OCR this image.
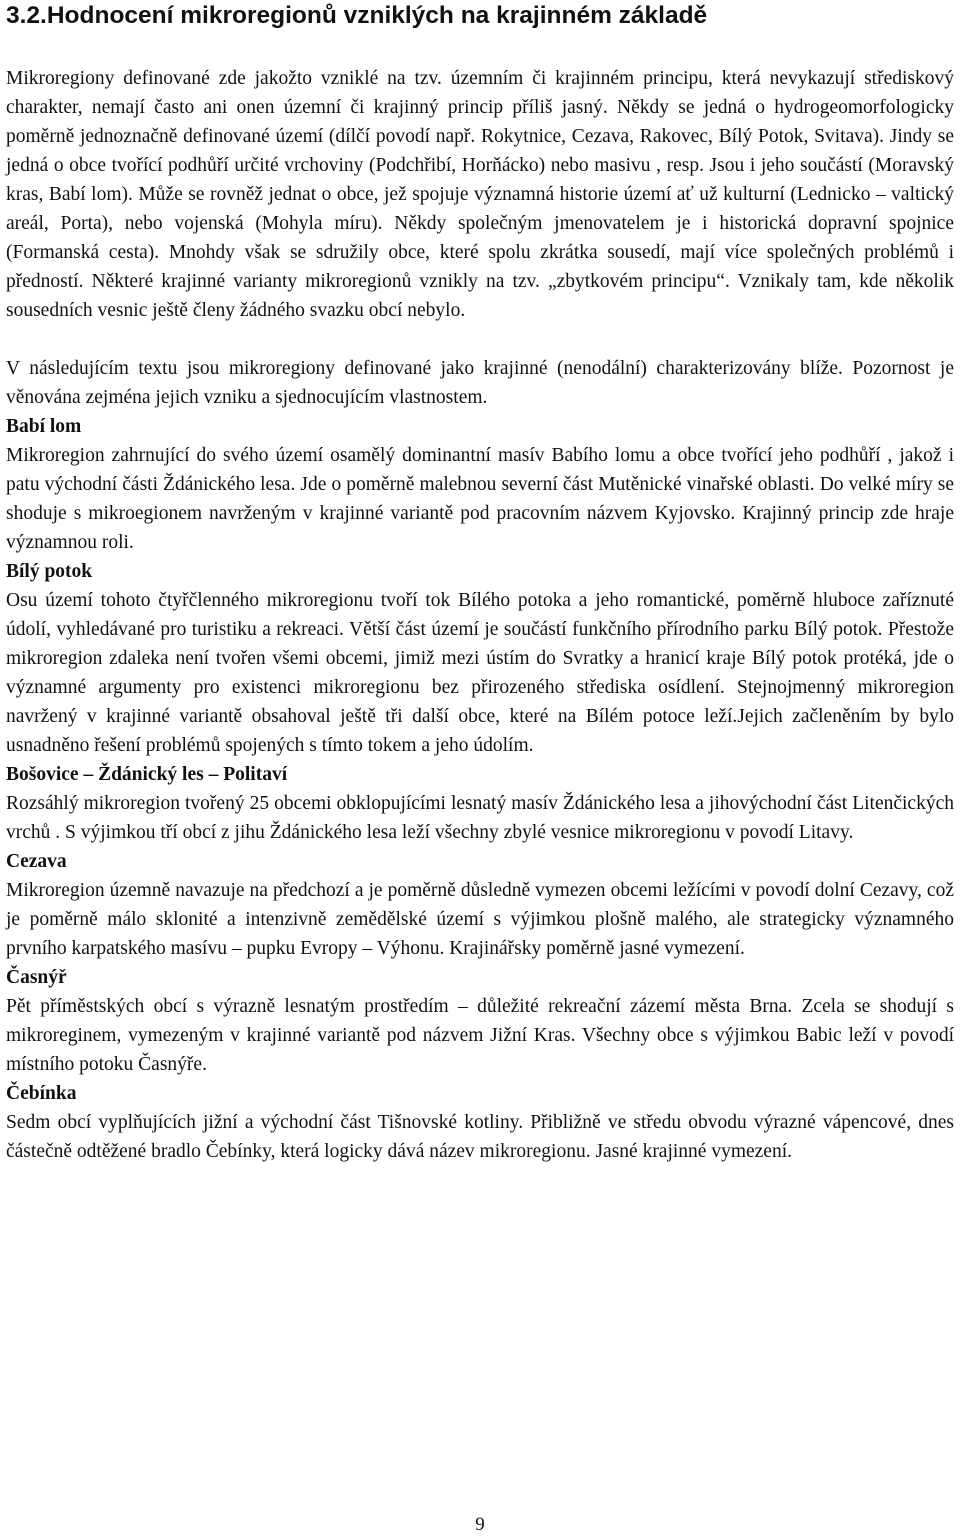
3.2.Hodnocení mikroregionů vzniklých na krajinném základě

Mikroregiony definované zde jakožto vzniklé na tzv. územním či krajinném principu, která nevykazují střediskový charakter, nemají často ani onen územní či krajinný princip příliš jasný. Někdy se jedná o hydrogeomorfologicky poměrně jednoznačně definované území (dílčí povodí např. Rokytnice, Cezava, Rakovec, Bílý Potok, Svitava). Jindy se jedná o obce tvořící podhůří určité vrchoviny (Podchřibí, Horňácko) nebo masivu , resp. Jsou i jeho součástí (Moravský kras, Babí lom). Může se rovněž jednat o obce, jež spojuje významná historie území ať už kulturní (Lednicko – valtický areál, Porta), nebo vojenská (Mohyla míru). Někdy společným jmenovatelem je i historická dopravní spojnice (Formanská cesta). Mnohdy však se sdružily obce, které spolu zkrátka sousedí, mají více společných problémů i předností. Některé krajinné varianty mikroregionů vznikly na tzv. „zbytkovém principu“. Vznikaly tam, kde několik sousedních vesnic ještě členy žádného svazku obcí nebylo.

V následujícím textu jsou mikroregiony definované jako krajinné (nenodální) charakterizovány blíže. Pozornost je věnována zejména jejich vzniku a sjednocujícím vlastnostem.

Babí lom

Mikroregion zahrnující do svého území osamělý dominantní masív Babího lomu a obce tvořící jeho podhůří , jakož i patu východní části Ždánického lesa. Jde o poměrně malebnou severní část Mutěnické vinařské oblasti. Do velké míry se shoduje s mikroegionem navrženým v krajinné variantě pod pracovním názvem Kyjovsko. Krajinný princip zde hraje významnou roli.

Bílý potok

Osu území tohoto čtyřčlenného mikroregionu tvoří tok Bílého potoka a jeho romantické, poměrně hluboce zaříznuté údolí, vyhledávané pro turistiku a rekreaci. Větší část území je součástí funkčního přírodního parku Bílý potok. Přestože mikroregion zdaleka není tvořen všemi obcemi, jimiž mezi ústím do Svratky a hranicí kraje Bílý potok protéká, jde o významné argumenty pro existenci mikroregionu bez přirozeného střediska osídlení. Stejnojmenný mikroregion navržený v krajinné variantě obsahoval ještě tři další obce, které na Bílém potoce leží.Jejich začleněním by bylo usnadněno řešení problémů spojených s tímto tokem a jeho údolím.

Bošovice – Ždánický les – Politaví

Rozsáhlý mikroregion tvořený 25 obcemi obklopujícími lesnatý masív Ždánického lesa a jihovýchodní část Litenčických vrchů . S výjimkou tří obcí z jihu Ždánického lesa leží všechny zbylé vesnice mikroregionu v povodí Litavy.

Cezava

Mikroregion územně navazuje na předchozí a je poměrně důsledně vymezen obcemi ležícími v povodí dolní Cezavy, což je poměrně málo sklonité a intenzivně zemědělské území s výjimkou plošně malého, ale strategicky významného prvního karpatského masívu – pupku Evropy – Výhonu. Krajinářsky poměrně jasné vymezení.

Časnýř

Pět příměstských obcí s výrazně lesnatým prostředím – důležité rekreační zázemí města Brna. Zcela se shodují s mikroreginem, vymezeným v krajinné variantě pod názvem Jižní Kras. Všechny obce s výjimkou Babic leží v povodí místního potoku Časnýře.

Čebínka

Sedm obcí vyplňujících jižní a východní část Tišnovské kotliny. Přibližně ve středu obvodu výrazné vápencové, dnes částečně odtěžené bradlo Čebínky, která logicky dává název mikroregionu. Jasné krajinné vymezení.

9
